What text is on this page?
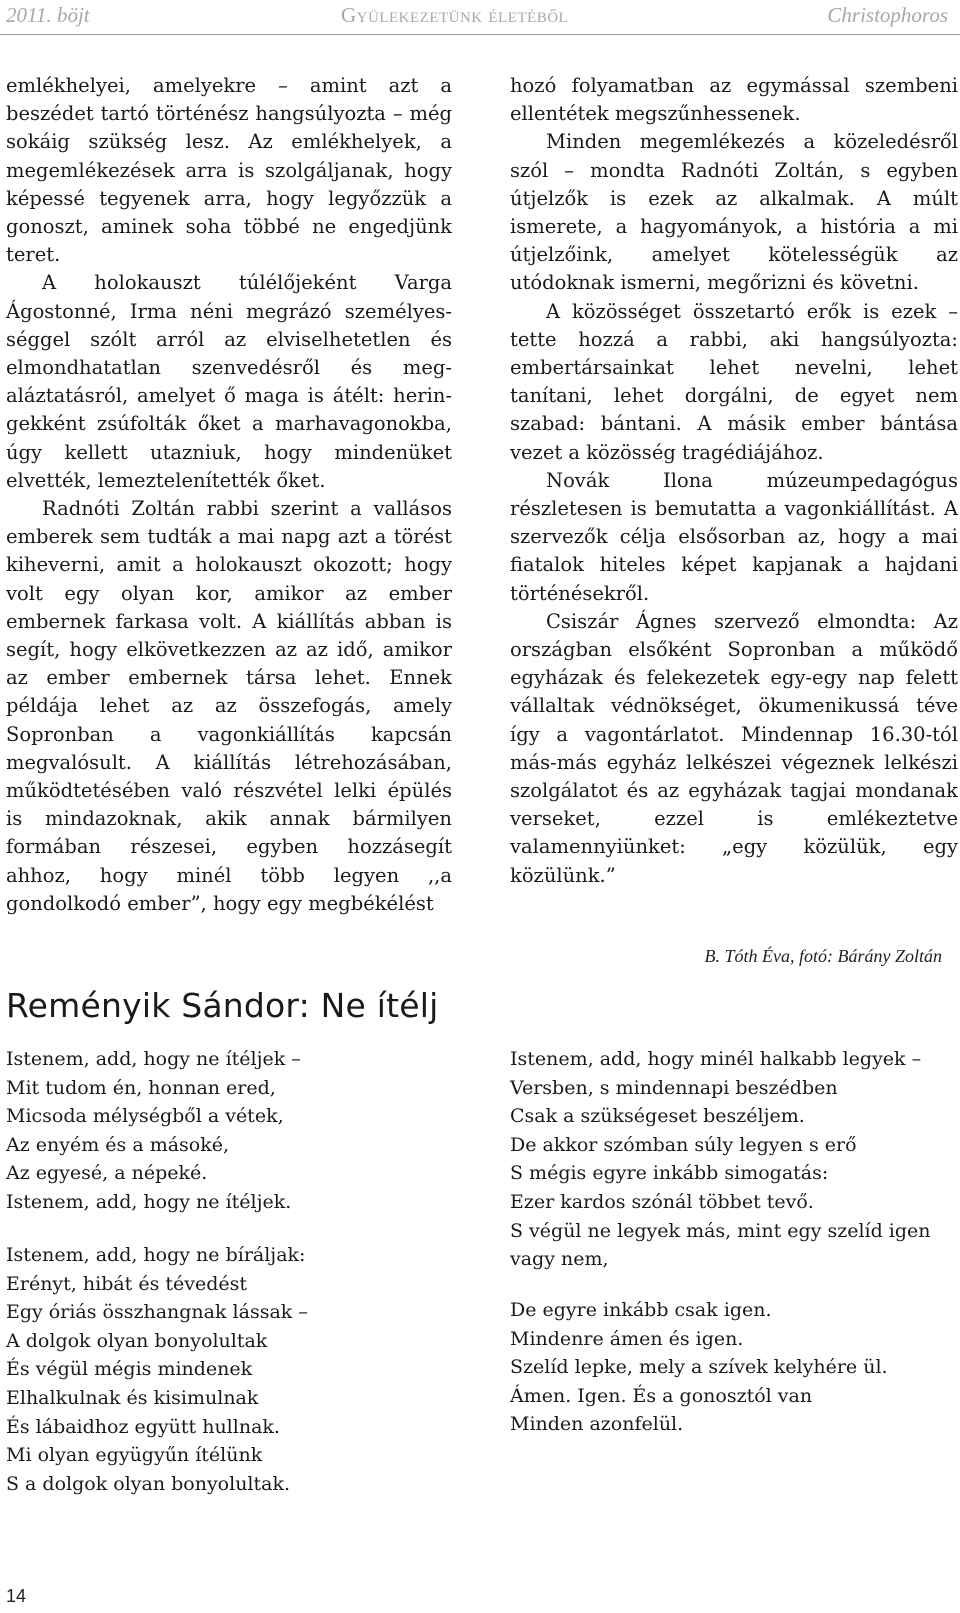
2011. böjt	Gyülekezetünk életéből	Christophoros

emlékhelyei, amelyekre – amint azt a beszédet tartó történész hangsúlyozta – még sokáig szükség lesz. Az emlékhelyek, a megemlékezések arra is szolgáljanak, hogy képessé tegyenek arra, hogy legyőzzük a gonoszt, aminek soha többé ne engedjünk teret.

A holokauszt túlélőjeként Varga Ágostonné, Irma néni megrázó személyességgel szólt arról az elviselhetetlen és elmondhatatlan szenvedésről és megaláztatásról, amelyet ő maga is átélt: heringekként zsúfolták őket a marhavagonokba, úgy kellett utazniuk, hogy mindenüket elvették, lemeztelenítették őket.

Radnóti Zoltán rabbi szerint a vallásos emberek sem tudták a mai napg azt a törést kiheverni, amit a holokauszt okozott; hogy volt egy olyan kor, amikor az ember embernek farkasa volt. A kiállítás abban is segít, hogy elkövetkezzen az az idő, amikor az ember embernek társa lehet. Ennek példája lehet az az összefogás, amely Sopronban a vagonkiállítás kapcsán megvalósult. A kiállítás létrehozásában, működtetésében való részvétel lelki épülés is mindazoknak, akik annak bármilyen formában részesei, egyben hozzásegít ahhoz, hogy minél több legyen ,,a gondolkodó ember”, hogy egy megbékélést

hozó folyamatban az egymással szembeni ellentétek megszűnhessenek.

Minden megemlékezés a közeledésről szól – mondta Radnóti Zoltán, s egyben útjelzők is ezek az alkalmak. A múlt ismerete, a hagyományok, a história a mi útjelzőink, amelyet kötelességük az utódoknak ismerni, megőrizni és követni.

A közösséget összetartó erők is ezek – tette hozzá a rabbi, aki hangsúlyozta: embertársainkat lehet nevelni, lehet tanítani, lehet dorgálni, de egyet nem szabad: bántani. A másik ember bántása vezet a közösség tragédiájához.

Novák Ilona múzeumpedagógus részletesen is bemutatta a vagonkiállítást. A szervezők célja elsősorban az, hogy a mai fiatalok hiteles képet kapjanak a hajdani történésekről.

Csiszár Ágnes szervező elmondta: Az országban elsőként Sopronban a működő egyházak és felekezetek egy-egy nap felett vállaltak védnökséget, ökumenikussá téve így a vagontárlatot. Mindennap 16.30-tól más-más egyház lelkészei végeznek lelkészi szolgálatot és az egyházak tagjai mondanak verseket, ezzel is emlékeztetve valamennyiünket: „egy közülük, egy közülünk.”

B. Tóth Éva, fotó: Bárány Zoltán
Reményik Sándor: Ne ítélj
Istenem, add, hogy ne ítéljek –
Mit tudom én, honnan ered,
Micsoda mélységből a vétek,
Az enyém és a másoké,
Az egyesé, a népeké.
Istenem, add, hogy ne ítéljek.
Istenem, add, hogy ne bíráljak:
Erényt, hibát és tévedést
Egy óriás összhangnak lássak –
A dolgok olyan bonyolultak
És végül mégis mindenek
Elhalkulnak és kisimulnak
És lábaidhoz együtt hullnak.
Mi olyan együgyűn ítélünk
S a dolgok olyan bonyolultak.
Istenem, add, hogy minél halkabb legyek –
Versben, s mindennapi beszédben
Csak a szükségeset beszéljem.
De akkor szómban súly legyen s erő
S mégis egyre inkább simogatás:
Ezer kardos szónál többet tevő.
S végül ne legyek más, mint egy szelíd igen vagy nem,
De egyre inkább csak igen.
Mindenre ámen és igen.
Szelíd lepke, mely a szívek kelyhére ül.
Ámen. Igen. És a gonosztól van
Minden azonfelül.
14
